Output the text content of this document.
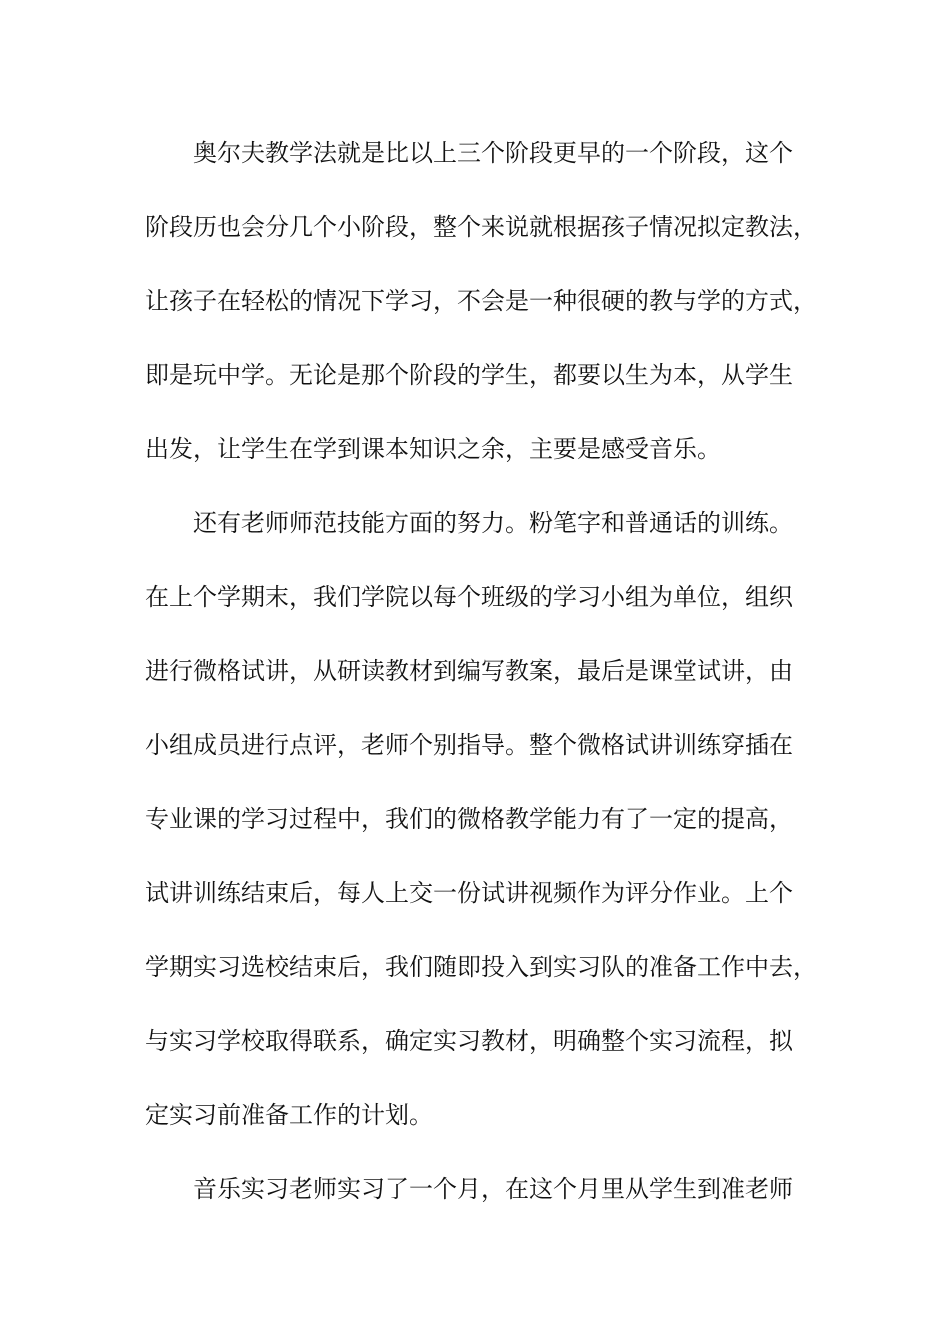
奥尔夫教学法就是比以上三个阶段更早的一个阶段，这个
阶段历也会分几个小阶段，整个来说就根据孩子情况拟定教法，
让孩子在轻松的情况下学习，不会是一种很硬的教与学的方式，
即是玩中学。无论是那个阶段的学生，都要以生为本，从学生
出发，让学生在学到课本知识之余，主要是感受音乐。
还有老师师范技能方面的努力。粉笔字和普通话的训练。
在上个学期末，我们学院以每个班级的学习小组为单位，组织
进行微格试讲，从研读教材到编写教案，最后是课堂试讲，由
小组成员进行点评，老师个别指导。整个微格试讲训练穿插在
专业课的学习过程中，我们的微格教学能力有了一定的提高，
试讲训练结束后，每人上交一份试讲视频作为评分作业。上个
学期实习选校结束后，我们随即投入到实习队的准备工作中去，
与实习学校取得联系，确定实习教材，明确整个实习流程，拟
定实习前准备工作的计划。
音乐实习老师实习了一个月，在这个月里从学生到准老师
